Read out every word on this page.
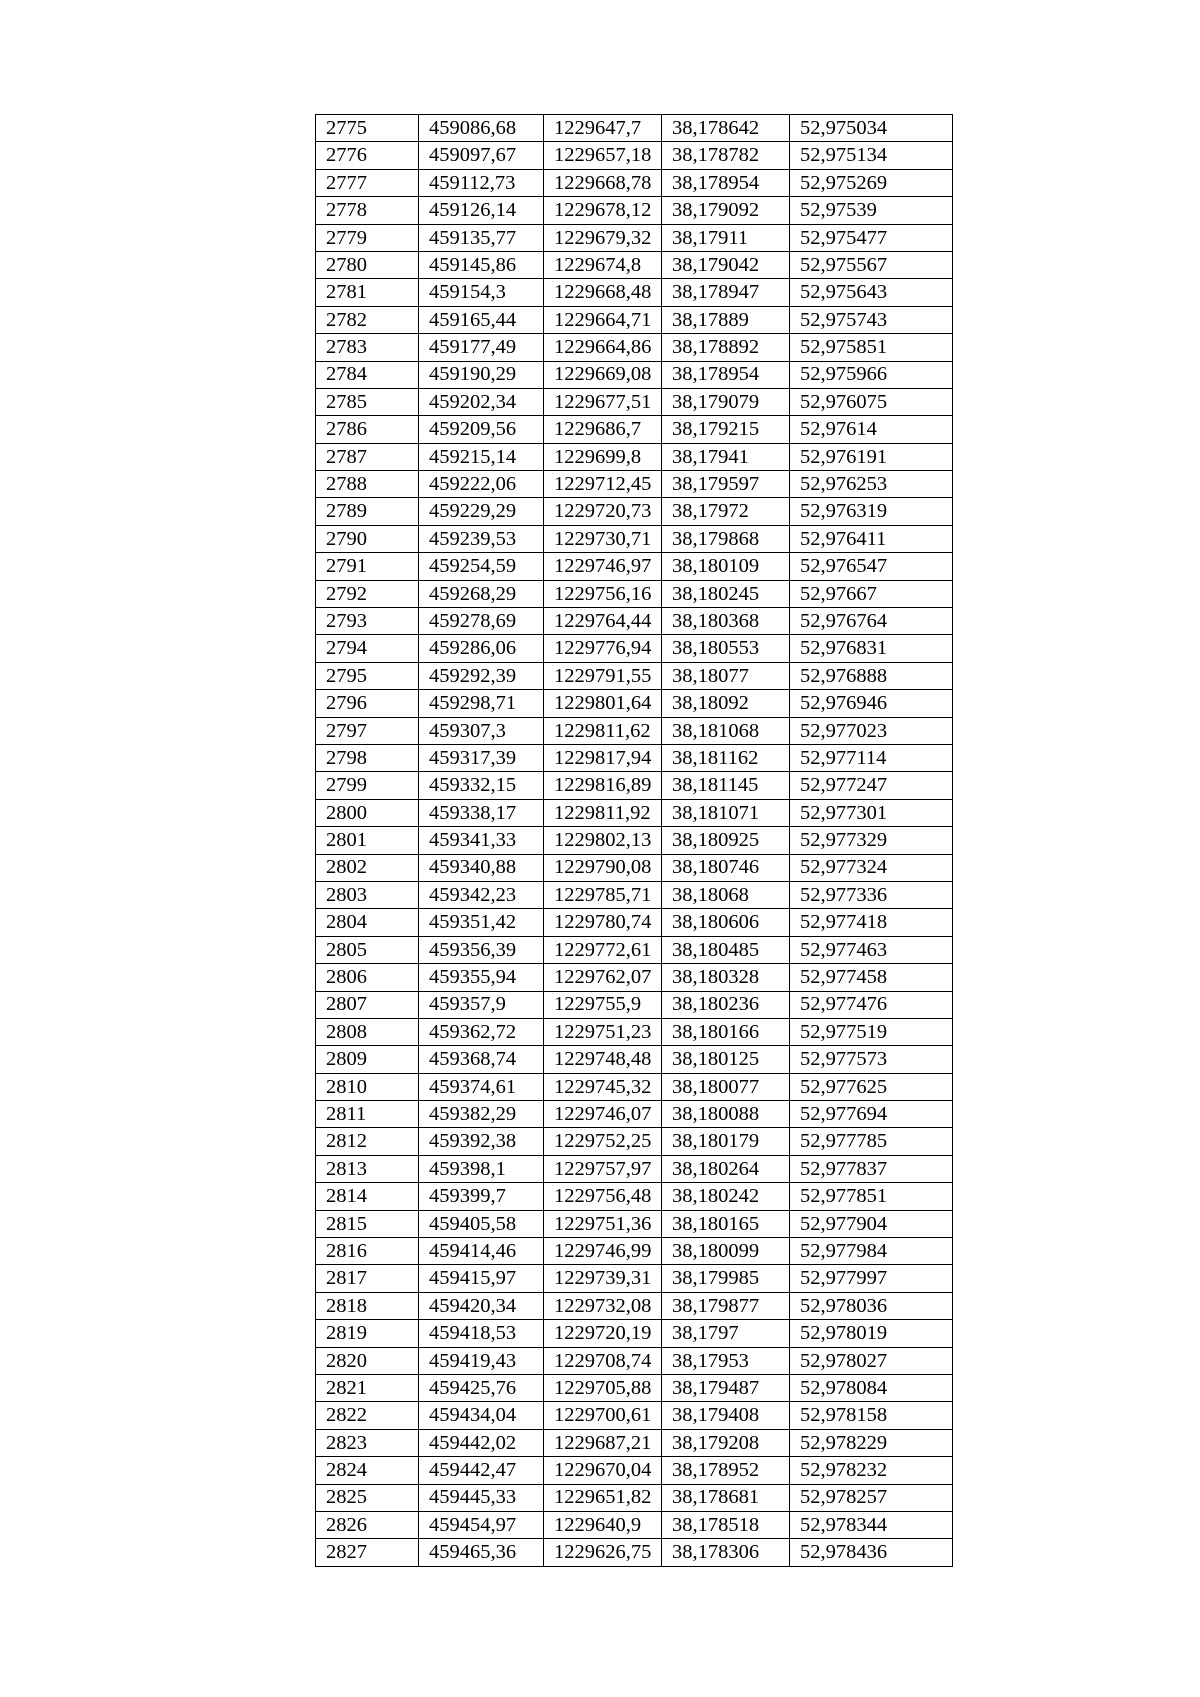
2775	459086,68	1229647,7	38,178642	52,975034
2776	459097,67	1229657,18	38,178782	52,975134
2777	459112,73	1229668,78	38,178954	52,975269
2778	459126,14	1229678,12	38,179092	52,97539
2779	459135,77	1229679,32	38,17911	52,975477
2780	459145,86	1229674,8	38,179042	52,975567
2781	459154,3	1229668,48	38,178947	52,975643
2782	459165,44	1229664,71	38,17889	52,975743
2783	459177,49	1229664,86	38,178892	52,975851
2784	459190,29	1229669,08	38,178954	52,975966
2785	459202,34	1229677,51	38,179079	52,976075
2786	459209,56	1229686,7	38,179215	52,97614
2787	459215,14	1229699,8	38,17941	52,976191
2788	459222,06	1229712,45	38,179597	52,976253
2789	459229,29	1229720,73	38,17972	52,976319
2790	459239,53	1229730,71	38,179868	52,976411
2791	459254,59	1229746,97	38,180109	52,976547
2792	459268,29	1229756,16	38,180245	52,97667
2793	459278,69	1229764,44	38,180368	52,976764
2794	459286,06	1229776,94	38,180553	52,976831
2795	459292,39	1229791,55	38,18077	52,976888
2796	459298,71	1229801,64	38,18092	52,976946
2797	459307,3	1229811,62	38,181068	52,977023
2798	459317,39	1229817,94	38,181162	52,977114
2799	459332,15	1229816,89	38,181145	52,977247
2800	459338,17	1229811,92	38,181071	52,977301
2801	459341,33	1229802,13	38,180925	52,977329
2802	459340,88	1229790,08	38,180746	52,977324
2803	459342,23	1229785,71	38,18068	52,977336
2804	459351,42	1229780,74	38,180606	52,977418
2805	459356,39	1229772,61	38,180485	52,977463
2806	459355,94	1229762,07	38,180328	52,977458
2807	459357,9	1229755,9	38,180236	52,977476
2808	459362,72	1229751,23	38,180166	52,977519
2809	459368,74	1229748,48	38,180125	52,977573
2810	459374,61	1229745,32	38,180077	52,977625
2811	459382,29	1229746,07	38,180088	52,977694
2812	459392,38	1229752,25	38,180179	52,977785
2813	459398,1	1229757,97	38,180264	52,977837
2814	459399,7	1229756,48	38,180242	52,977851
2815	459405,58	1229751,36	38,180165	52,977904
2816	459414,46	1229746,99	38,180099	52,977984
2817	459415,97	1229739,31	38,179985	52,977997
2818	459420,34	1229732,08	38,179877	52,978036
2819	459418,53	1229720,19	38,1797	52,978019
2820	459419,43	1229708,74	38,17953	52,978027
2821	459425,76	1229705,88	38,179487	52,978084
2822	459434,04	1229700,61	38,179408	52,978158
2823	459442,02	1229687,21	38,179208	52,978229
2824	459442,47	1229670,04	38,178952	52,978232
2825	459445,33	1229651,82	38,178681	52,978257
2826	459454,97	1229640,9	38,178518	52,978344
2827	459465,36	1229626,75	38,178306	52,978436
